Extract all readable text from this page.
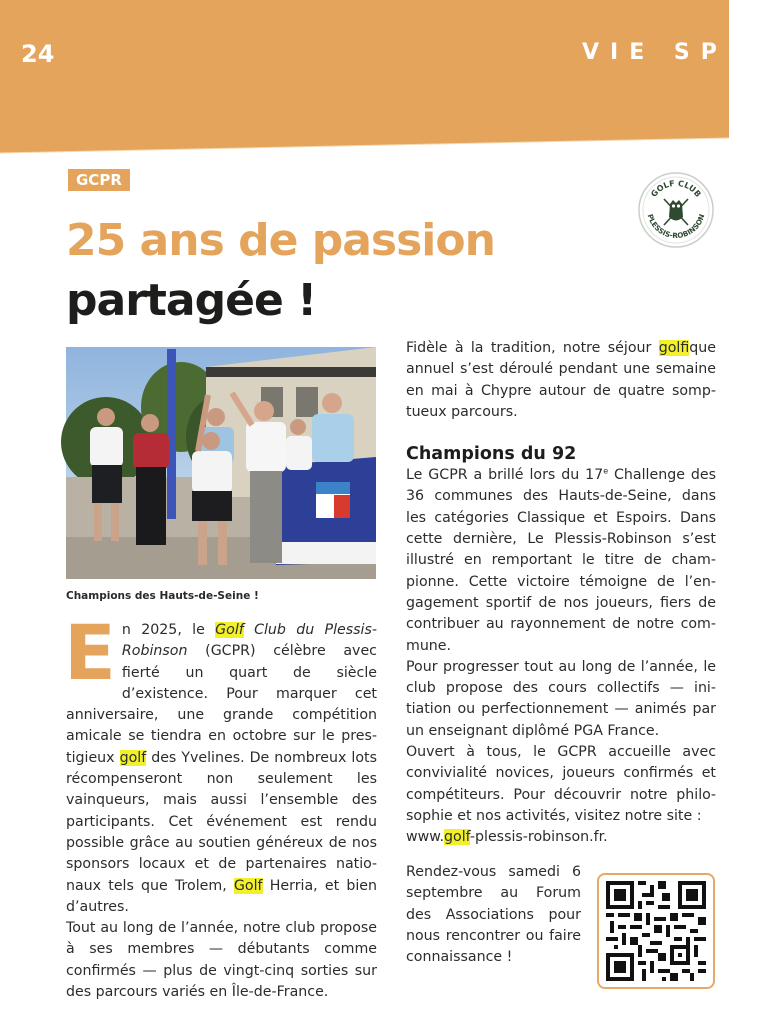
24	VIE SPO
GCPR
GOLF CLUB
PLESSIS-ROBINSON
25 ans de passion
partagée !
Champions des Hauts-de-Seine !
En 2025, le Golf Club du Plessis-Robinson (GCPR) célèbre avec fierté un quart de siècle d’existence. Pour marquer cet anniversaire, une grande compétition amicale se tiendra en octobre sur le prestigieux golf des Yvelines. De nombreux lots récompenseront non seulement les vainqueurs, mais aussi l’ensemble des participants. Cet événement est rendu possible grâce au soutien généreux de nos sponsors locaux et de partenaires nationaux tels que Trolem, Golf Herria, et bien d’autres.
Tout au long de l’année, notre club propose à ses membres — débutants comme confirmés — plus de vingt-cinq sorties sur des parcours variés en Île-de-France.
Fidèle à la tradition, notre séjour golfique annuel s’est déroulé pendant une semaine en mai à Chypre autour de quatre somptueux parcours.
Champions du 92
Le GCPR a brillé lors du 17e Challenge des 36 communes des Hauts-de-Seine, dans les catégories Classique et Espoirs. Dans cette dernière, Le Plessis-Robinson s’est illustré en remportant le titre de championne. Cette victoire témoigne de l’engagement sportif de nos joueurs, fiers de contribuer au rayonnement de notre commune.
Pour progresser tout au long de l’année, le club propose des cours collectifs — initiation ou perfectionnement — animés par un enseignant diplômé PGA France.
Ouvert à tous, le GCPR accueille avec convivialité novices, joueurs confirmés et compétiteurs. Pour découvrir notre philosophie et nos activités, visitez notre site :
www.golf-plessis-robinson.fr.
Rendez-vous samedi 6 septembre au Forum des Associations pour nous rencontrer ou faire connaissance !
